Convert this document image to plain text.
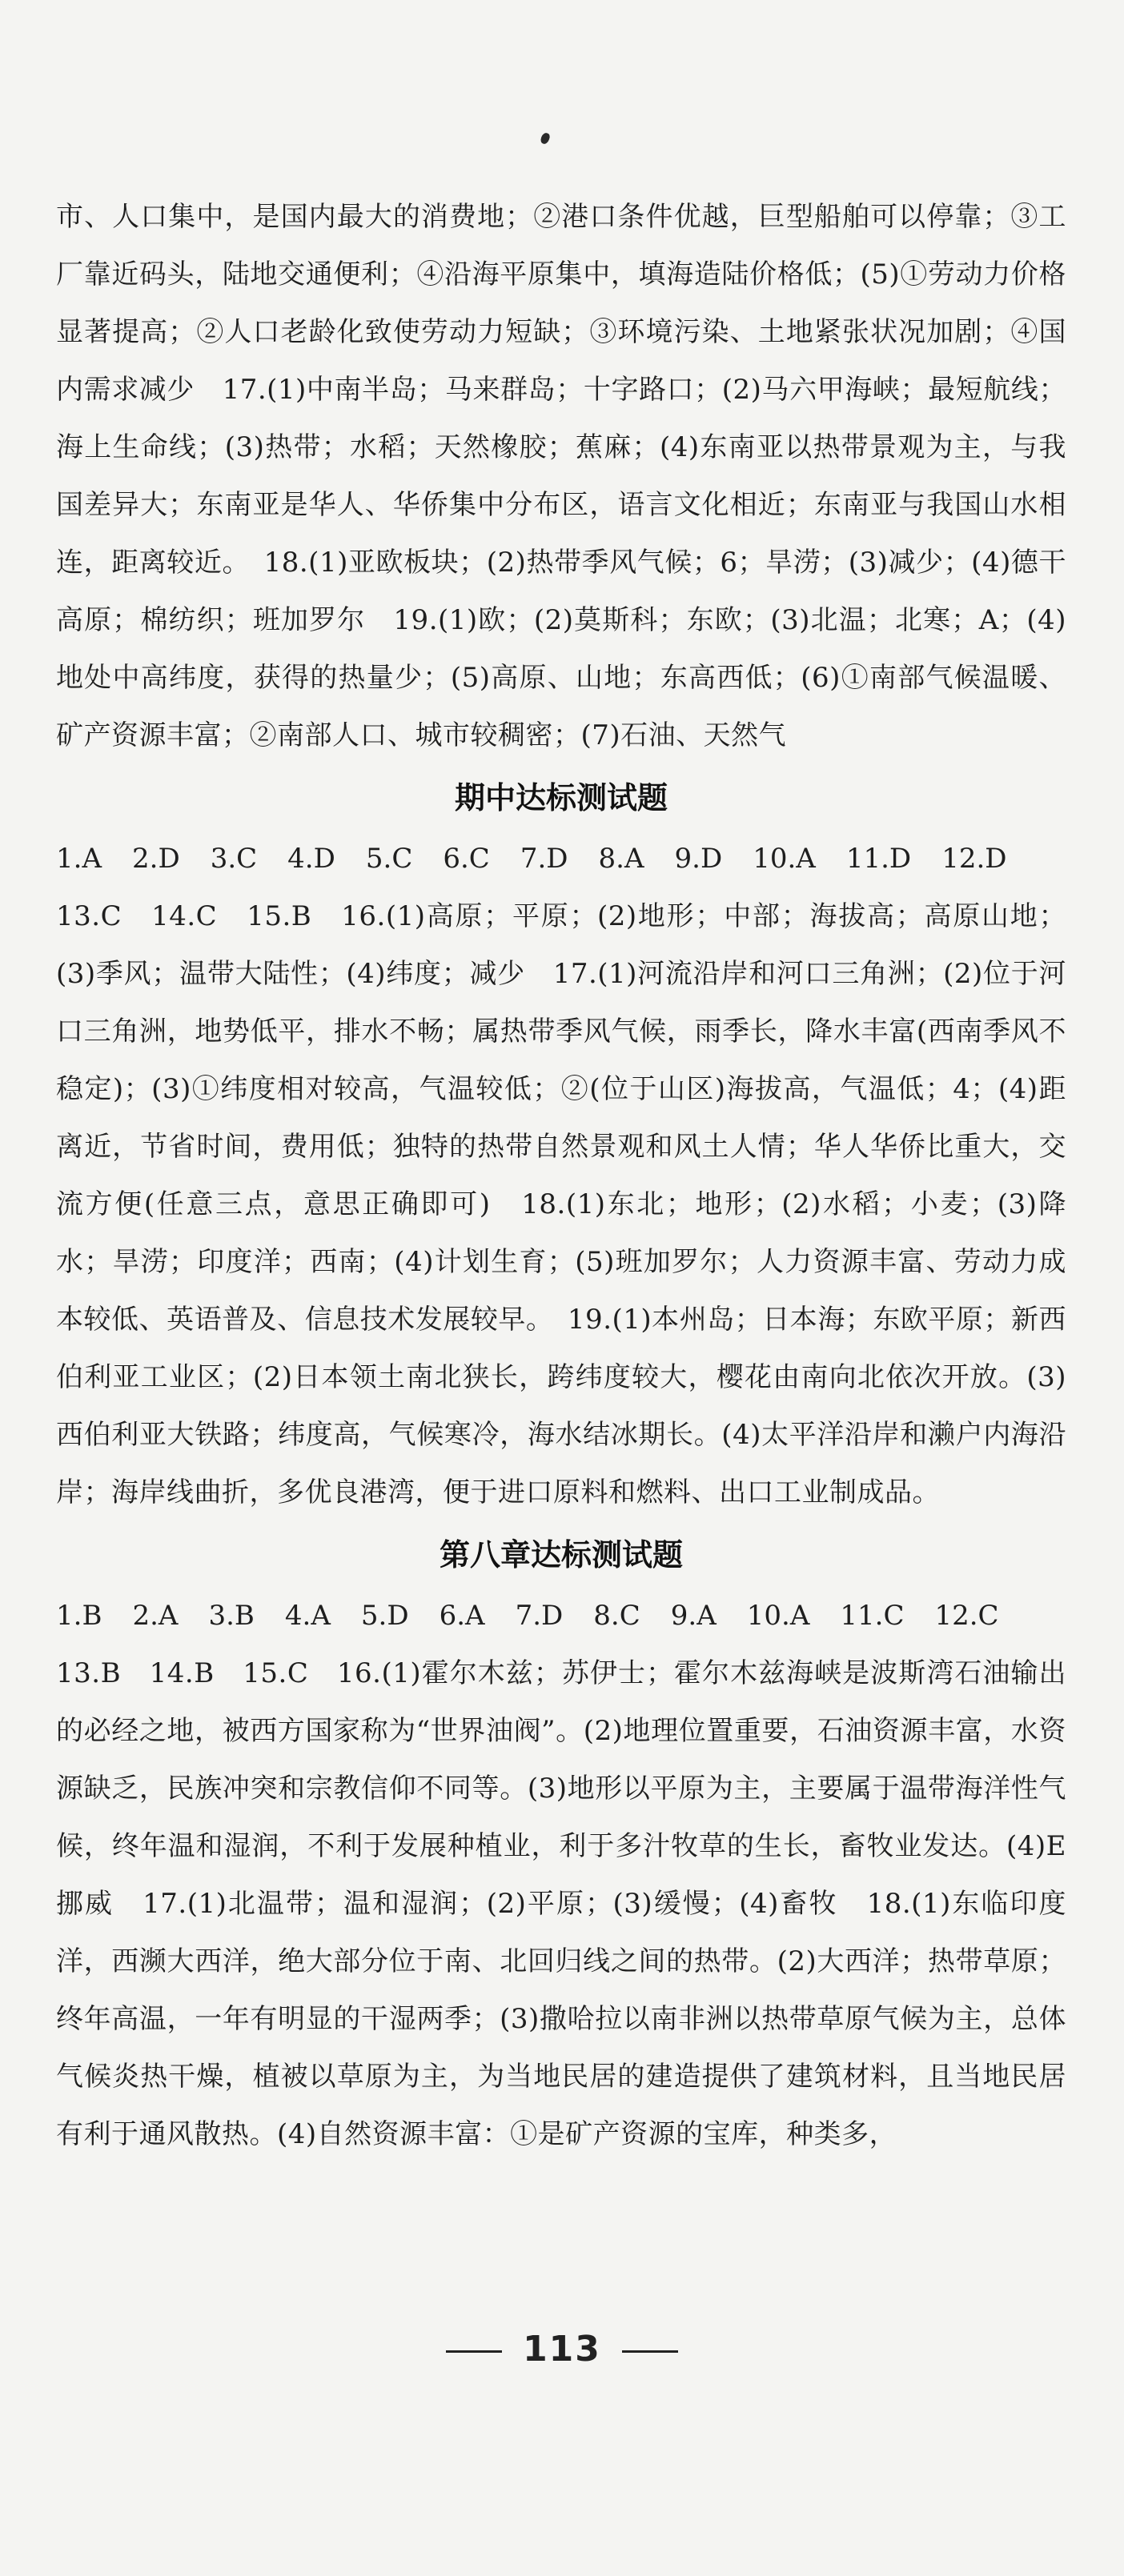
市、人口集中，是国内最大的消费地；②港口条件优越，巨型船舶可以停靠；③工厂靠近码头，陆地交通便利；④沿海平原集中，填海造陆价格低；(5)①劳动力价格显著提高；②人口老龄化致使劳动力短缺；③环境污染、土地紧张状况加剧；④国内需求减少　17.(1)中南半岛；马来群岛；十字路口；(2)马六甲海峡；最短航线；海上生命线；(3)热带；水稻；天然橡胶；蕉麻；(4)东南亚以热带景观为主，与我国差异大；东南亚是华人、华侨集中分布区，语言文化相近；东南亚与我国山水相连，距离较近。　18.(1)亚欧板块；(2)热带季风气候；6；旱涝；(3)减少；(4)德干高原；棉纺织；班加罗尔　19.(1)欧；(2)莫斯科；东欧；(3)北温；北寒；A；(4)地处中高纬度，获得的热量少；(5)高原、山地；东高西低；(6)①南部气候温暖、矿产资源丰富；②南部人口、城市较稠密；(7)石油、天然气

期中达标测试题
1.A 2.D 3.C 4.D 5.C 6.C 7.D 8.A 9.D 10.A 11.D 12.D

13.C　14.C　15.B　16.(1)高原；平原；(2)地形；中部；海拔高；高原山地；(3)季风；温带大陆性；(4)纬度；减少　17.(1)河流沿岸和河口三角洲；(2)位于河口三角洲，地势低平，排水不畅；属热带季风气候，雨季长，降水丰富(西南季风不稳定)；(3)①纬度相对较高，气温较低；②(位于山区)海拔高，气温低；4；(4)距离近，节省时间，费用低；独特的热带自然景观和风土人情；华人华侨比重大，交流方便(任意三点，意思正确即可)　18.(1)东北；地形；(2)水稻；小麦；(3)降水；旱涝；印度洋；西南；(4)计划生育；(5)班加罗尔；人力资源丰富、劳动力成本较低、英语普及、信息技术发展较早。　19.(1)本州岛；日本海；东欧平原；新西伯利亚工业区；(2)日本领土南北狭长，跨纬度较大，樱花由南向北依次开放。(3)西伯利亚大铁路；纬度高，气候寒冷，海水结冰期长。(4)太平洋沿岸和濑户内海沿岸；海岸线曲折，多优良港湾，便于进口原料和燃料、出口工业制成品。

第八章达标测试题
1.B 2.A 3.B 4.A 5.D 6.A 7.D 8.C 9.A 10.A 11.C 12.C

13.B　14.B　15.C　16.(1)霍尔木兹；苏伊士；霍尔木兹海峡是波斯湾石油输出的必经之地，被西方国家称为“世界油阀”。(2)地理位置重要，石油资源丰富，水资源缺乏，民族冲突和宗教信仰不同等。(3)地形以平原为主，主要属于温带海洋性气候，终年温和湿润，不利于发展种植业，利于多汁牧草的生长，畜牧业发达。(4)E 挪威　17.(1)北温带；温和湿润；(2)平原；(3)缓慢；(4)畜牧　18.(1)东临印度洋，西濒大西洋，绝大部分位于南、北回归线之间的热带。(2)大西洋；热带草原；终年高温，一年有明显的干湿两季；(3)撒哈拉以南非洲以热带草原气候为主，总体气候炎热干燥，植被以草原为主，为当地民居的建造提供了建筑材料，且当地民居有利于通风散热。(4)自然资源丰富：①是矿产资源的宝库，种类多，

113
